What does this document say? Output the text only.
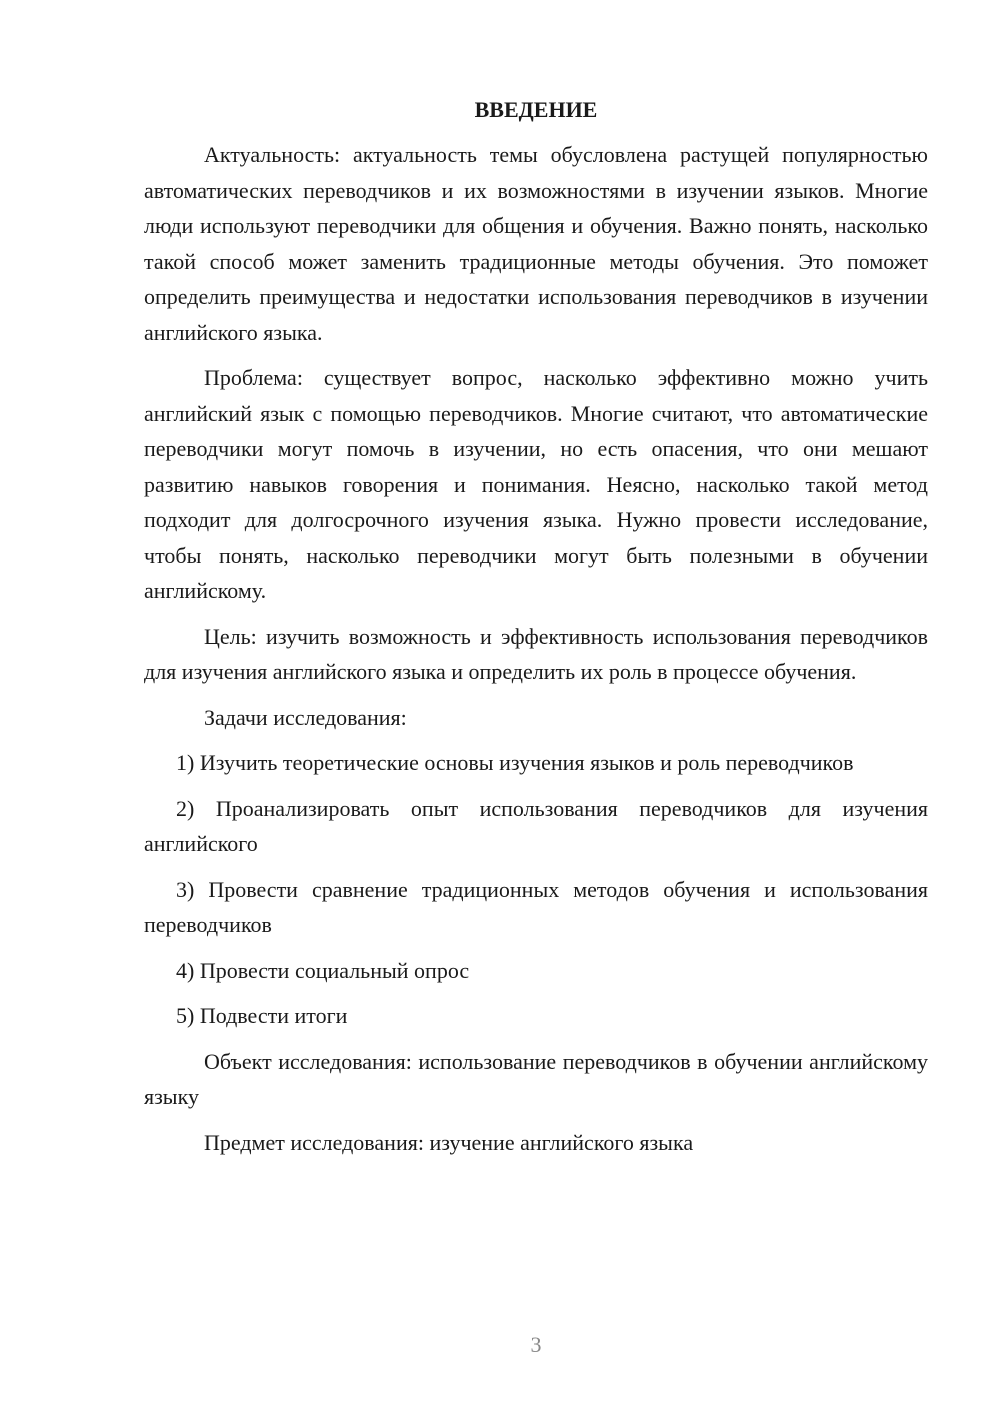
ВВЕДЕНИЕ

Актуальность: актуальность темы обусловлена растущей популярностью автоматических переводчиков и их возможностями в изучении языков. Многие люди используют переводчики для общения и обучения. Важно понять, насколько такой способ может заменить традиционные методы обучения. Это поможет определить преимущества и недостатки использования переводчиков в изучении английского языка.

Проблема: существует вопрос, насколько эффективно можно учить английский язык с помощью переводчиков. Многие считают, что автоматические переводчики могут помочь в изучении, но есть опасения, что они мешают развитию навыков говорения и понимания. Неясно, насколько такой метод подходит для долгосрочного изучения языка. Нужно провести исследование, чтобы понять, насколько переводчики могут быть полезными в обучении английскому.

Цель: изучить возможность и эффективность использования переводчиков для изучения английского языка и определить их роль в процессе обучения.

Задачи исследования:

1) Изучить теоретические основы изучения языков и роль переводчиков

2) Проанализировать опыт использования переводчиков для изучения английского

3) Провести сравнение традиционных методов обучения и использования переводчиков

4) Провести социальный опрос

5) Подвести итоги

Объект исследования: использование переводчиков в обучении английскому языку

Предмет исследования: изучение английского языка

3
